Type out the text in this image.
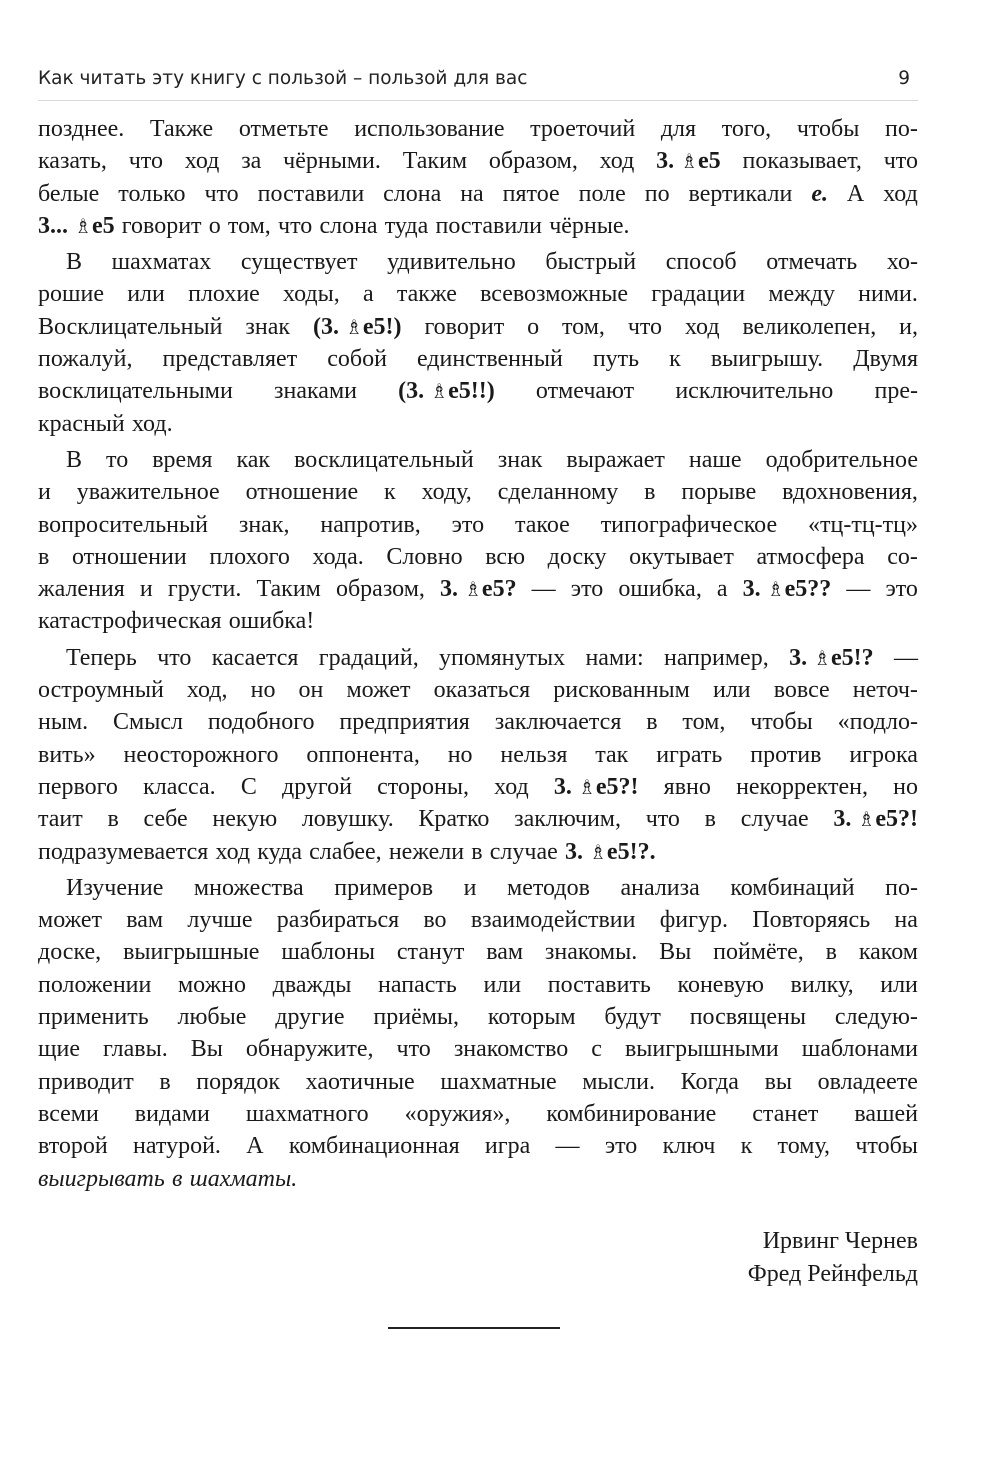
Как читать эту книгу с пользой – пользой для вас	9
позднее. Также отметьте использование троеточий для того, чтобы по-
казать, что ход за чёрными. Таким образом, ход 3. ♗e5 показывает, что
белые только что поставили слона на пятое поле по вертикали e. А ход
3... ♗e5 говорит о том, что слона туда поставили чёрные.
В шахматах существует удивительно быстрый способ отмечать хо-
рошие или плохие ходы, а также всевозможные градации между ними.
Восклицательный знак (3. ♗e5!) говорит о том, что ход великолепен, и,
пожалуй, представляет собой единственный путь к выигрышу. Двумя
восклицательными знаками (3. ♗e5!!) отмечают исключительно пре-
красный ход.
В то время как восклицательный знак выражает наше одобрительное
и уважительное отношение к ходу, сделанному в порыве вдохновения,
вопросительный знак, напротив, это такое типографическое «тц-тц-тц»
в отношении плохого хода. Словно всю доску окутывает атмосфера со-
жаления и грусти. Таким образом, 3. ♗e5? — это ошибка, а 3. ♗e5?? — это
катастрофическая ошибка!
Теперь что касается градаций, упомянутых нами: например, 3. ♗e5!? —
остроумный ход, но он может оказаться рискованным или вовсе неточ-
ным. Смысл подобного предприятия заключается в том, чтобы «подло-
вить» неосторожного оппонента, но нельзя так играть против игрока
первого класса. С другой стороны, ход 3. ♗e5?! явно некорректен, но
таит в себе некую ловушку. Кратко заключим, что в случае 3. ♗e5?!
подразумевается ход куда слабее, нежели в случае 3. ♗e5!?.
Изучение множества примеров и методов анализа комбинаций по-
может вам лучше разбираться во взаимодействии фигур. Повторяясь на
доске, выигрышные шаблоны станут вам знакомы. Вы поймёте, в каком
положении можно дважды напасть или поставить коневую вилку, или
применить любые другие приёмы, которым будут посвящены следую-
щие главы. Вы обнаружите, что знакомство с выигрышными шаблонами
приводит в порядок хаотичные шахматные мысли. Когда вы овладеете
всеми видами шахматного «оружия», комбинирование станет вашей
второй натурой. А комбинационная игра — это ключ к тому, чтобы
выигрывать в шахматы.
Ирвинг Чернев
Фред Рейнфельд
